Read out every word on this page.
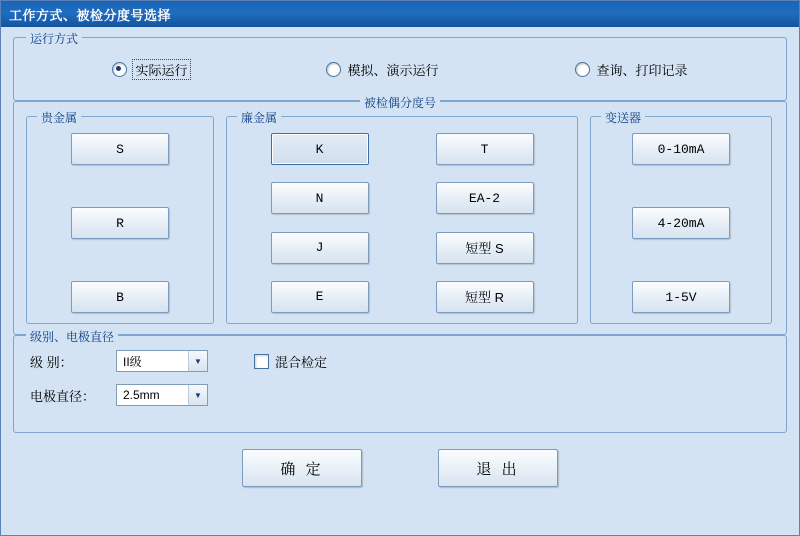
工作方式、被检分度号选择
运行方式
实际运行	模拟、演示运行	查询、打印记录
被检偶分度号
贵金属
S
R
B
廉金属
K
N
J
E
T
EA-2
短型 S
短型 R
变送器
0-10mA
4-20mA
1-5V
级别、电极直径
级 别：	II级	▼	混合检定
电极直径：	2.5mm	▼
确 定	退 出
